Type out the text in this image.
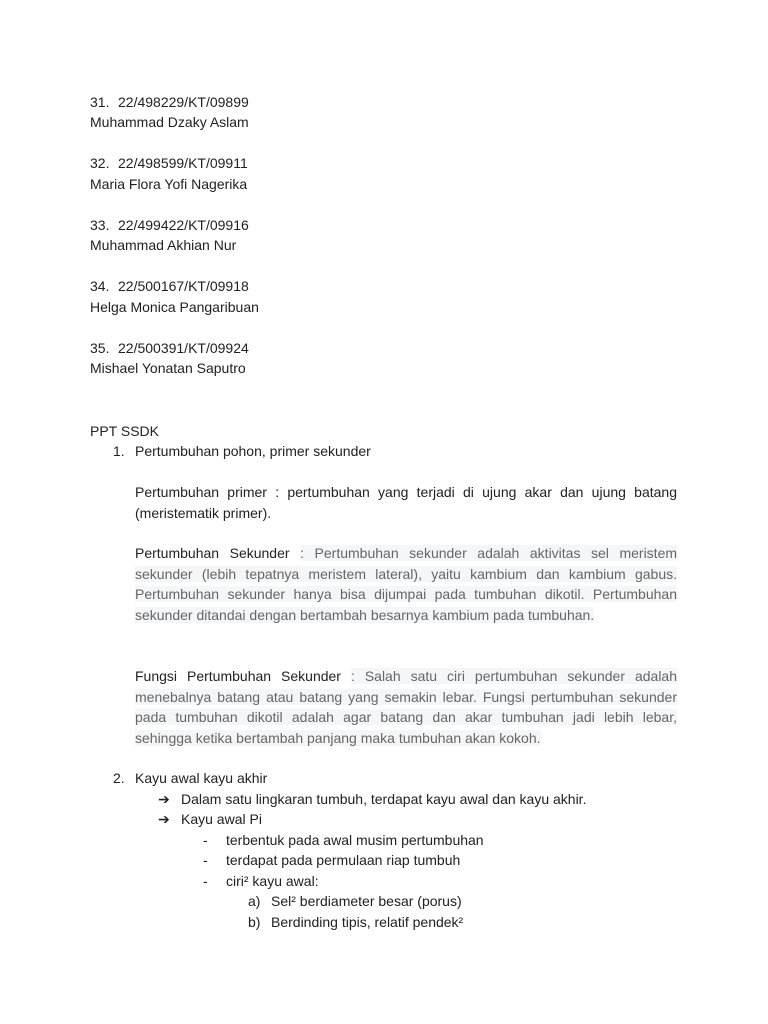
31. 22/498229/KT/09899
Muhammad Dzaky Aslam
32. 22/498599/KT/09911
Maria Flora Yofi Nagerika
33. 22/499422/KT/09916
Muhammad Akhian Nur
34. 22/500167/KT/09918
Helga Monica Pangaribuan
35. 22/500391/KT/09924
Mishael Yonatan Saputro
PPT SSDK
1. Pertumbuhan pohon, primer sekunder
Pertumbuhan primer : pertumbuhan yang terjadi di ujung akar dan ujung batang (meristematik primer).
Pertumbuhan Sekunder : Pertumbuhan sekunder adalah aktivitas sel meristem sekunder (lebih tepatnya meristem lateral), yaitu kambium dan kambium gabus. Pertumbuhan sekunder hanya bisa dijumpai pada tumbuhan dikotil. Pertumbuhan sekunder ditandai dengan bertambah besarnya kambium pada tumbuhan.
Fungsi Pertumbuhan Sekunder : Salah satu ciri pertumbuhan sekunder adalah menebalnya batang atau batang yang semakin lebar. Fungsi pertumbuhan sekunder pada tumbuhan dikotil adalah agar batang dan akar tumbuhan jadi lebih lebar, sehingga ketika bertambah panjang maka tumbuhan akan kokoh.
2. Kayu awal kayu akhir
➔ Dalam satu lingkaran tumbuh, terdapat kayu awal dan kayu akhir.
➔ Kayu awal Pi
- terbentuk pada awal musim pertumbuhan
- terdapat pada permulaan riap tumbuh
- ciri² kayu awal:
a) Sel² berdiameter besar (porus)
b) Berdinding tipis, relatif pendek²
